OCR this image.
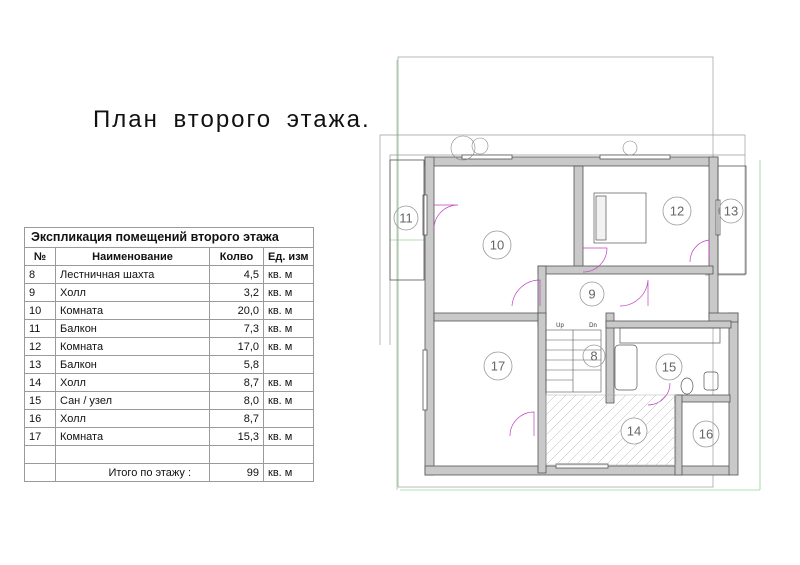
План второго этажа.
Экспликация помещений второго этажа
№	Наименование	Колво	Ед. изм
8	Лестничная шахта	4,5	кв. м
9	Холл	3,2	кв. м
10	Комната	20,0	кв. м
11	Балкон	7,3	кв. м
12	Комната	17,0	кв. м
13	Балкон	5,8	
14	Холл	8,7	кв. м
15	Сан / узел	8,0	кв. м
16	Холл	8,7	
17	Комната	15,3	кв. м

	Итого по этажу :	99	кв. м
Up	Dn
11
10
12	13
9
8
17	15
14	16
